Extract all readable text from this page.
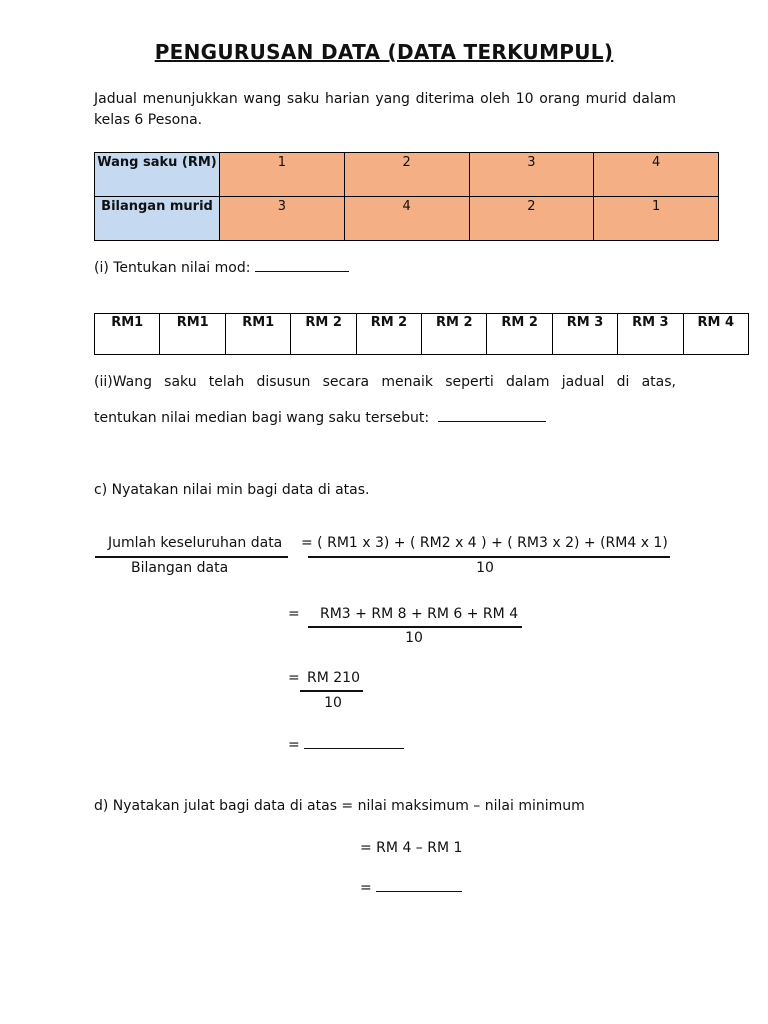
PENGURUSAN DATA (DATA TERKUMPUL)
Jadual menunjukkan wang saku harian yang diterima oleh 10 orang murid dalam kelas 6 Pesona.
Wang saku (RM)	1	2	3	4
Bilangan murid	3	4	2	1
(i) Tentukan nilai mod:
RM1	RM1	RM1	RM 2	RM 2	RM 2	RM 2	RM 3	RM 3	RM 4
(ii)Wang saku telah disusun secara menaik seperti dalam jadual di atas,
tentukan nilai median bagi wang saku tersebut:
c) Nyatakan nilai min bagi data di atas.
Jumlah keseluruhan data = ( RM1 x 3) + ( RM2 x 4 ) + ( RM3 x 2) + (RM4 x 1)
Bilangan data	10
= RM3 + RM 8 + RM 6 + RM 4
10
= RM 210
10
=
d) Nyatakan julat bagi data di atas = nilai maksimum – nilai minimum
= RM 4 – RM 1
=
